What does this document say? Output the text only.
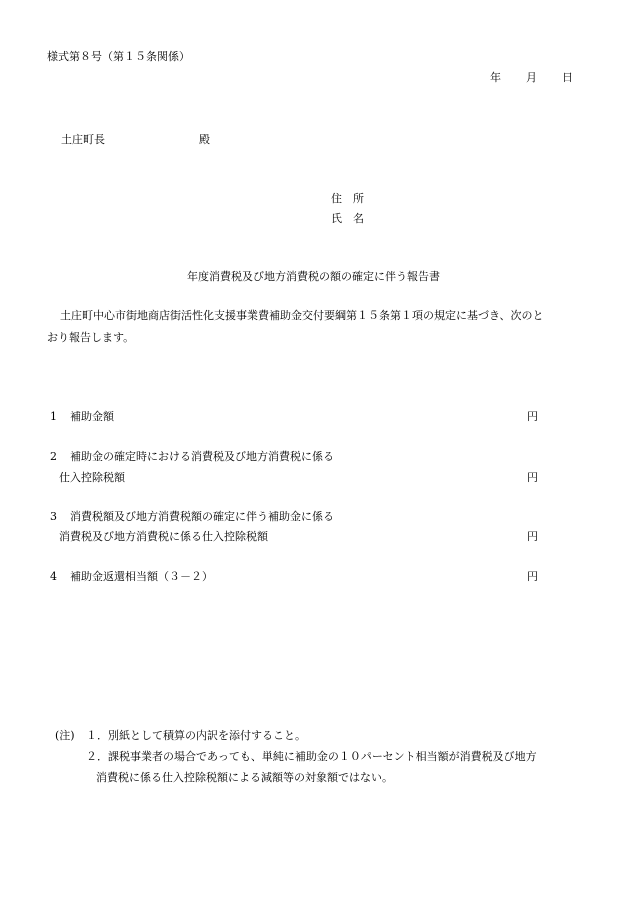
様式第８号（第１５条関係）
年 月 日
土庄町長	殿
住　所
氏　名
年度消費税及び地方消費税の額の確定に伴う報告書
土庄町中心市街地商店街活性化支援事業費補助金交付要綱第１５条第１項の規定に基づき、次のと
おり報告します。
1 補助金額	円
2 補助金の確定時における消費税及び地方消費税に係る
仕入控除税額	円
3 消費税額及び地方消費税額の確定に伴う補助金に係る
消費税及び地方消費税に係る仕入控除税額	円
4 補助金返還相当額（３－２）	円
(注) １．別紙として積算の内訳を添付すること。
２．課税事業者の場合であっても、単純に補助金の１０パーセント相当額が消費税及び地方
消費税に係る仕入控除税額による減額等の対象額ではない。
